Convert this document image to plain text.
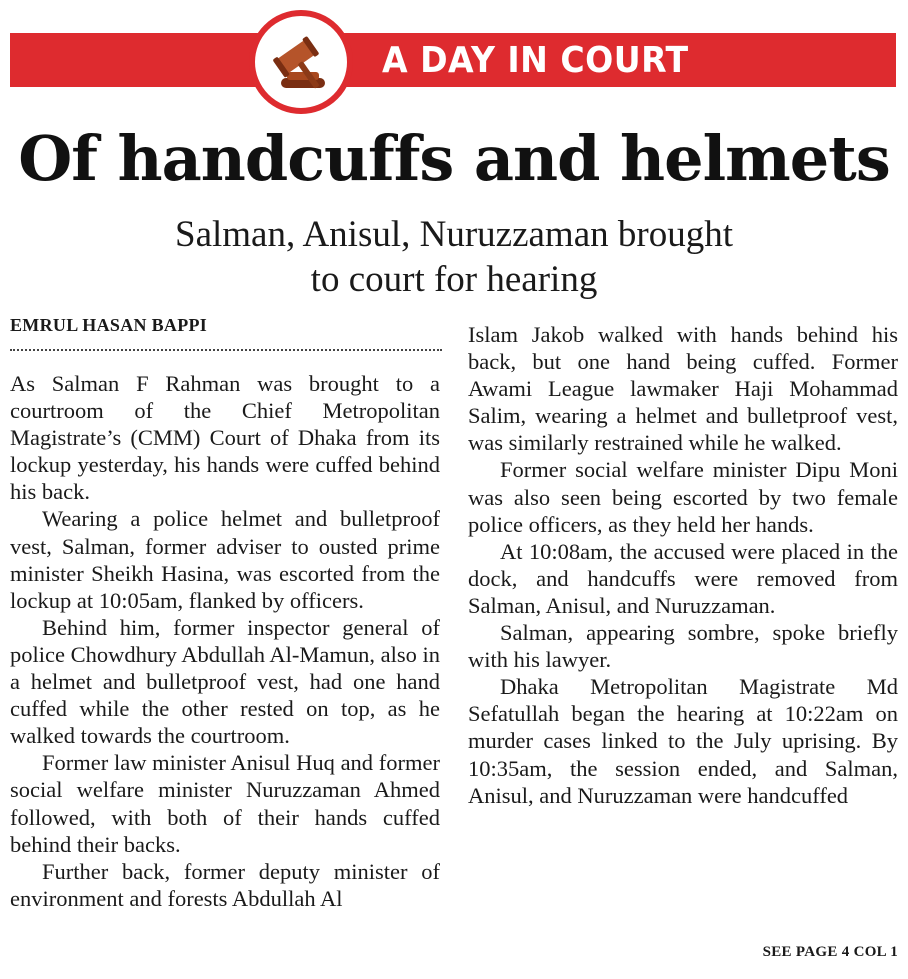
A DAY IN COURT
Of handcuffs and helmets
Salman, Anisul, Nuruzzaman brought
to court for hearing
EMRUL HASAN BAPPI

As Salman F Rahman was brought to a courtroom of the Chief Metropolitan Magistrate’s (CMM) Court of Dhaka from its lockup yesterday, his hands were cuffed behind his back.

Wearing a police helmet and bulletproof vest, Salman, former adviser to ousted prime minister Sheikh Hasina, was escorted from the lockup at 10:05am, flanked by officers.

Behind him, former inspector general of police Chowdhury Abdullah Al-Mamun, also in a helmet and bulletproof vest, had one hand cuffed while the other rested on top, as he walked towards the courtroom.

Former law minister Anisul Huq and former social welfare minister Nuruzzaman Ahmed followed, with both of their hands cuffed behind their backs.

Further back, former deputy minister of environment and forests Abdullah Al

Islam Jakob walked with hands behind his back, but one hand being cuffed. Former Awami League lawmaker Haji Mohammad Salim, wearing a helmet and bulletproof vest, was similarly restrained while he walked.

Former social welfare minister Dipu Moni was also seen being escorted by two female police officers, as they held her hands.

At 10:08am, the accused were placed in the dock, and handcuffs were removed from Salman, Anisul, and Nuruzzaman.

Salman, appearing sombre, spoke briefly with his lawyer.

Dhaka Metropolitan Magistrate Md Sefatullah began the hearing at 10:22am on murder cases linked to the July uprising. By 10:35am, the session ended, and Salman, Anisul, and Nuruzzaman were handcuffed

SEE PAGE 4 COL 1
